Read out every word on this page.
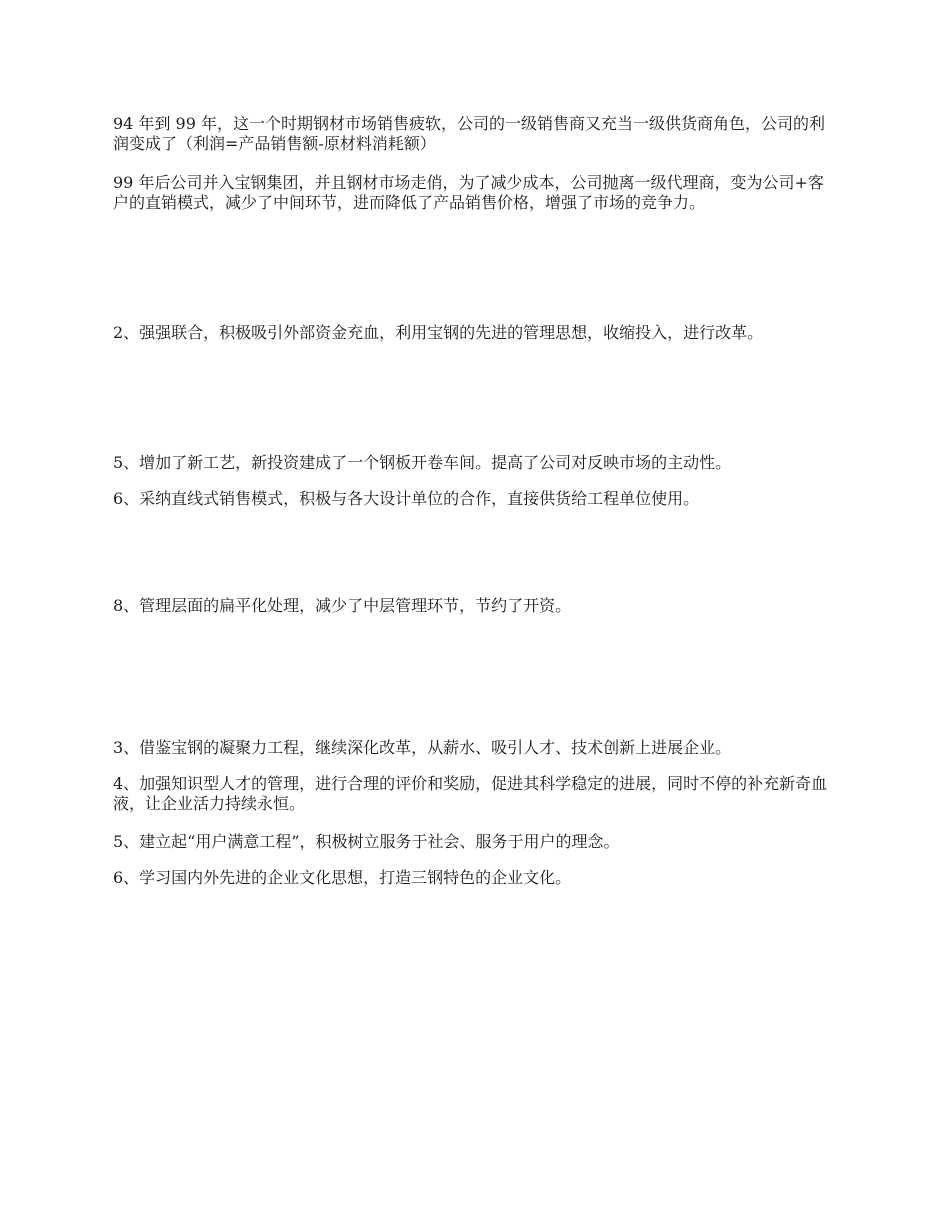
94 年到 99 年，这一个时期钢材市场销售疲软，公司的一级销售商又充当一级供货商角色，公司的利润变成了（利润=产品销售额-原材料消耗额）

99 年后公司并入宝钢集团，并且钢材市场走俏，为了减少成本，公司抛离一级代理商，变为公司+客户的直销模式，减少了中间环节，进而降低了产品销售价格，增强了市场的竞争力。

2、强强联合，积极吸引外部资金充血，利用宝钢的先进的管理思想，收缩投入，进行改革。

5、增加了新工艺，新投资建成了一个钢板开卷车间。提高了公司对反映市场的主动性。

6、采纳直线式销售模式，积极与各大设计单位的合作，直接供货给工程单位使用。

8、管理层面的扁平化处理，减少了中层管理环节，节约了开资。

3、借鉴宝钢的凝聚力工程，继续深化改革，从薪水、吸引人才、技术创新上进展企业。

4、加强知识型人才的管理，进行合理的评价和奖励，促进其科学稳定的进展，同时不停的补充新奇血液，让企业活力持续永恒。

5、建立起“用户满意工程”，积极树立服务于社会、服务于用户的理念。

6、学习国内外先进的企业文化思想，打造三钢特色的企业文化。
